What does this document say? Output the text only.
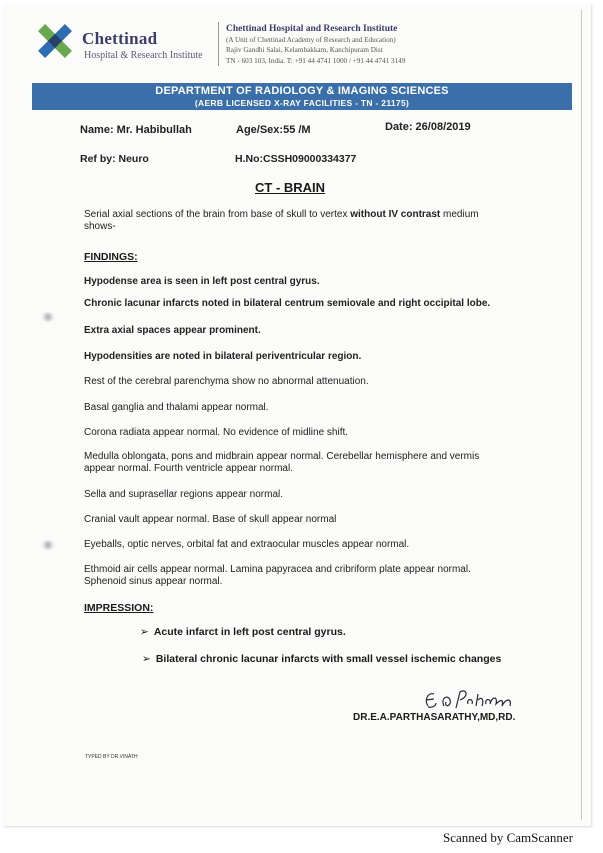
Chettinad
Hospital & Research Institute
Chettinad Hospital and Research Institute
(A Unit of Chettinad Academy of Research and Education)
Rajiv Gandhi Salai, Kelambakkam, Kanchipuram Dist
TN - 603 103, India. T: +91 44 4741 1000 / +91 44 4741 3149
DEPARTMENT OF RADIOLOGY & IMAGING SCIENCES
(AERB LICENSED X-RAY FACILITIES - TN - 21175)
Name: Mr. Habibullah	Age/Sex:55 /M	Date: 26/08/2019
Ref by: Neuro	H.No:CSSH09000334377
CT - BRAIN
Serial axial sections of the brain from base of skull to vertex without IV contrast medium shows-
FINDINGS:
Hypodense area is seen in left post central gyrus.
Chronic lacunar infarcts noted in bilateral centrum semiovale and right occipital lobe.
Extra axial spaces appear prominent.
Hypodensities are noted in bilateral periventricular region.
Rest of the cerebral parenchyma show no abnormal attenuation.
Basal ganglia and thalami appear normal.
Corona radiata appear normal. No evidence of midline shift.
Medulla oblongata, pons and midbrain appear normal. Cerebellar hemisphere and vermis appear normal. Fourth ventricle appear normal.
Sella and suprasellar regions appear normal.
Cranial vault appear normal. Base of skull appear normal
Eyeballs, optic nerves, orbital fat and extraocular muscles appear normal.
Ethmoid air cells appear normal. Lamina papyracea and cribriform plate appear normal. Sphenoid sinus appear normal.
IMPRESSION:
➢ Acute infarct in left post central gyrus.
➢ Bilateral chronic lacunar infarcts with small vessel ischemic changes
DR.E.A.PARTHASARATHY,MD,RD.
TYPED BY DR.VINATH
Scanned by CamScanner
